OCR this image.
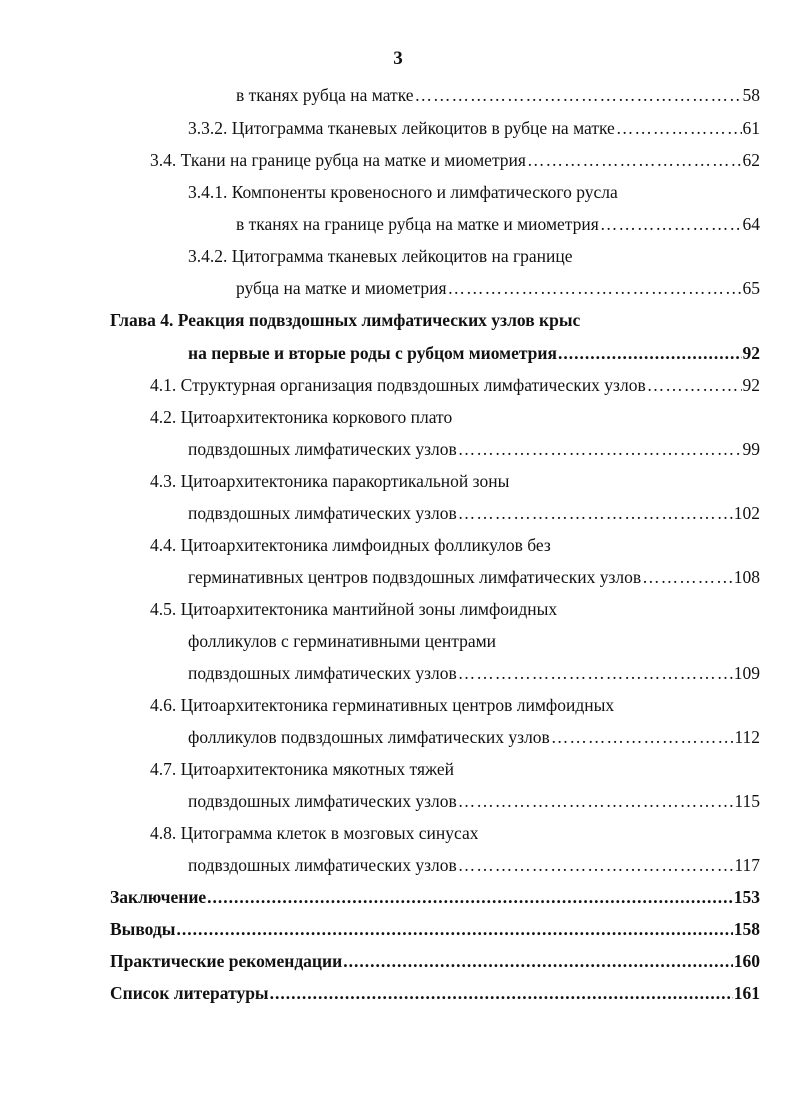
3
в тканях рубца на матке ……………………………………………………………………………………………………………………………………………………………………	58
3.3.2. Цитограмма тканевых лейкоцитов в рубце на матке ……………………………………………………………………………………………………………………………………………………………………	61
3.4. Ткани на границе рубца на матке и миометрия ……………………………………………………………………………………………………………………………………………………………………	62
3.4.1. Компоненты кровеносного и лимфатического русла
в тканях на границе рубца на матке и миометрия ……………………………………………………………………………………………………………………………………………………………………	64
3.4.2. Цитограмма тканевых лейкоцитов на границе
рубца на матке и миометрия ……………………………………………………………………………………………………………………………………………………………………	65
Глава 4. Реакция подвздошных лимфатических узлов крыс
на первые и вторые роды с рубцом миометрия .....	92
4.1. Структурная организация подвздошных лимфатических узлов ……………………………………………………………………………………………………………………………………………………………………	92
4.2. Цитоархитектоника коркового плато
подвздошных лимфатических узлов ……………………………………………………………………………………………………………………………………………………………………	99
4.3. Цитоархитектоника паракортикальной зоны
подвздошных лимфатических узлов ……………………………………………………………………………………………………………………………………………………………………	102
4.4. Цитоархитектоника лимфоидных фолликулов без
герминативных центров подвздошных лимфатических узлов ……………………………………………………………………………………………………………………………………………………………………	108
4.5. Цитоархитектоника мантийной зоны лимфоидных
фолликулов с герминативными центрами
подвздошных лимфатических узлов ……………………………………………………………………………………………………………………………………………………………………	109
4.6. Цитоархитектоника герминативных центров лимфоидных
фолликулов подвздошных лимфатических узлов ……………………………………………………………………………………………………………………………………………………………………	112
4.7. Цитоархитектоника мякотных тяжей
подвздошных лимфатических узлов ……………………………………………………………………………………………………………………………………………………………………	115
4.8. Цитограмма клеток в мозговых синусах
подвздошных лимфатических узлов ……………………………………………………………………………………………………………………………………………………………………	117
Заключение .....	153
Выводы .....	158
Практические рекомендации .....	160
Список литературы .....	161
